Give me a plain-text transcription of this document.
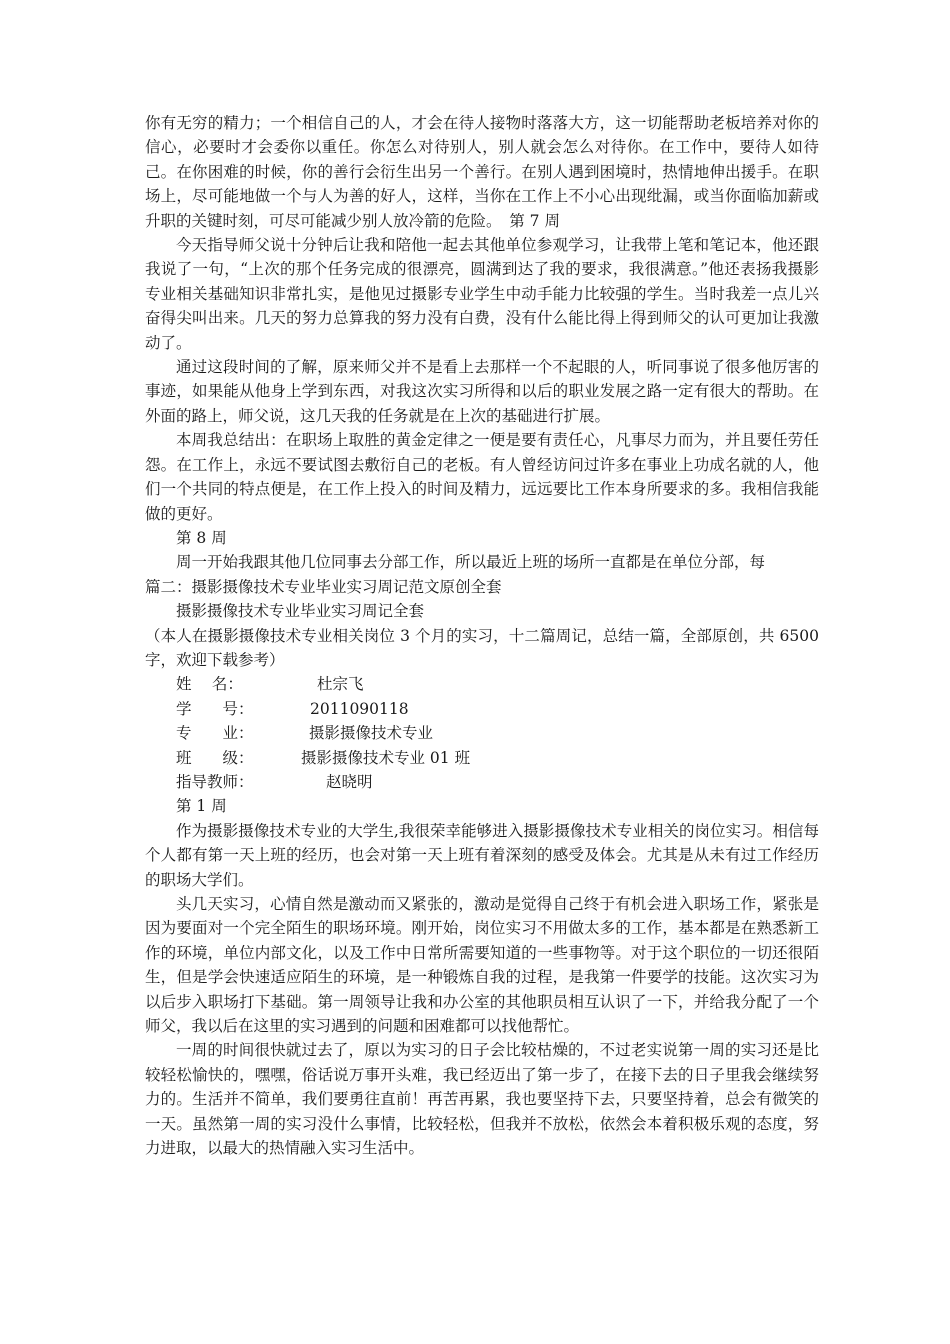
你有无穷的精力；一个相信自己的人，才会在待人接物时落落大方，这一切能帮助老板培养对你的信心，必要时才会委你以重任。你怎么对待别人，别人就会怎么对待你。在工作中，要待人如待己。在你困难的时候，你的善行会衍生出另一个善行。在别人遇到困境时，热情地伸出援手。在职场上，尽可能地做一个与人为善的好人，这样，当你在工作上不小心出现纰漏，或当你面临加薪或升职的关键时刻，可尽可能减少别人放冷箭的危险。　第 7 周

今天指导师父说十分钟后让我和陪他一起去其他单位参观学习，让我带上笔和笔记本，他还跟我说了一句，“上次的那个任务完成的很漂亮，圆满到达了我的要求，我很满意。”他还表扬我摄影专业相关基础知识非常扎实，是他见过摄影专业学生中动手能力比较强的学生。当时我差一点儿兴奋得尖叫出来。几天的努力总算我的努力没有白费，没有什么能比得上得到师父的认可更加让我激动了。

通过这段时间的了解，原来师父并不是看上去那样一个不起眼的人，听同事说了很多他厉害的事迹，如果能从他身上学到东西，对我这次实习所得和以后的职业发展之路一定有很大的帮助。在外面的路上，师父说，这几天我的任务就是在上次的基础进行扩展。

本周我总结出：在职场上取胜的黄金定律之一便是要有责任心，凡事尽力而为，并且要任劳任怨。在工作上，永远不要试图去敷衍自己的老板。有人曾经访问过许多在事业上功成名就的人，他们一个共同的特点便是，在工作上投入的时间及精力，远远要比工作本身所要求的多。我相信我能做的更好。

第 8 周

周一开始我跟其他几位同事去分部工作，所以最近上班的场所一直都是在单位分部，每

篇二：摄影摄像技术专业毕业实习周记范文原创全套

摄影摄像技术专业毕业实习周记全套

（本人在摄影摄像技术专业相关岗位 3 个月的实习，十二篇周记，总结一篇，全部原创，共 6500 字，欢迎下载参考）

姓　 名：	杜宗飞
学　　号：	2011090118
专　　业：	摄影摄像技术专业
班　　级：	摄影摄像技术专业 01 班
指导教师：	赵晓明

第 1 周

作为摄影摄像技术专业的大学生,我很荣幸能够进入摄影摄像技术专业相关的岗位实习。相信每个人都有第一天上班的经历，也会对第一天上班有着深刻的感受及体会。尤其是从未有过工作经历的职场大学们。

头几天实习，心情自然是激动而又紧张的，激动是觉得自己终于有机会进入职场工作，紧张是因为要面对一个完全陌生的职场环境。刚开始，岗位实习不用做太多的工作，基本都是在熟悉新工作的环境，单位内部文化，以及工作中日常所需要知道的一些事物等。对于这个职位的一切还很陌生，但是学会快速适应陌生的环境，是一种锻炼自我的过程，是我第一件要学的技能。这次实习为以后步入职场打下基础。第一周领导让我和办公室的其他职员相互认识了一下，并给我分配了一个师父，我以后在这里的实习遇到的问题和困难都可以找他帮忙。

一周的时间很快就过去了，原以为实习的日子会比较枯燥的，不过老实说第一周的实习还是比较轻松愉快的，嘿嘿，俗话说万事开头难，我已经迈出了第一步了，在接下去的日子里我会继续努力的。生活并不简单，我们要勇往直前！再苦再累，我也要坚持下去，只要坚持着，总会有微笑的一天。虽然第一周的实习没什么事情，比较轻松，但我并不放松，依然会本着积极乐观的态度，努力进取，以最大的热情融入实习生活中。
